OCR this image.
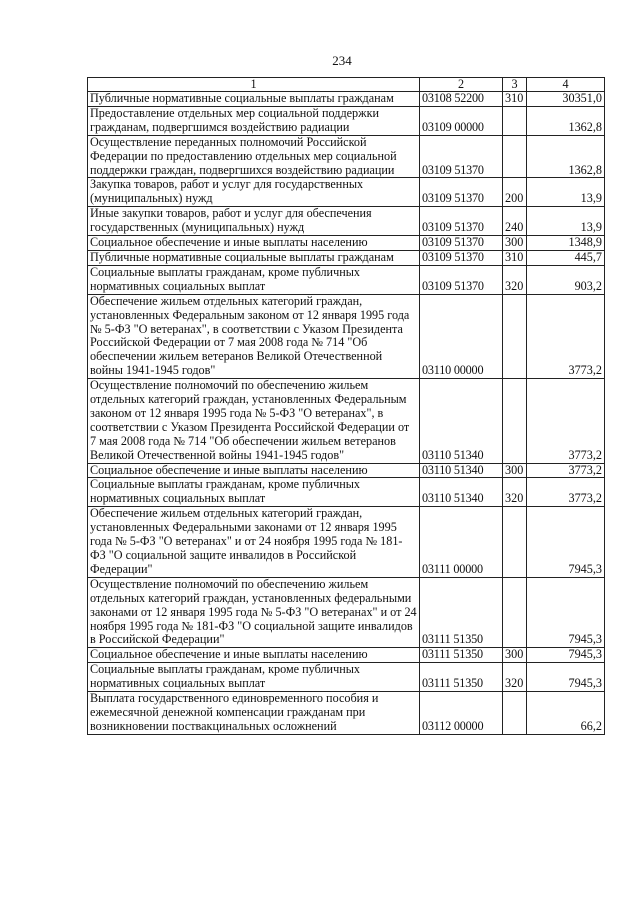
234
1	2	3	4
Публичные нормативные социальные выплаты гражданам	03108 52200	310	30351,0
Предоставление отдельных мер социальной поддержки гражданам, подвергшимся воздействию радиации	03109 00000		1362,8
Осуществление переданных полномочий Российской Федерации по предоставлению отдельных мер социальной поддержки граждан, подвергшихся воздействию радиации	03109 51370		1362,8
Закупка товаров, работ и услуг для государственных (муниципальных) нужд	03109 51370	200	13,9
Иные закупки товаров, работ и услуг для обеспечения государственных (муниципальных) нужд	03109 51370	240	13,9
Социальное обеспечение и иные выплаты населению	03109 51370	300	1348,9
Публичные нормативные социальные выплаты гражданам	03109 51370	310	445,7
Социальные выплаты гражданам, кроме публичных нормативных социальных выплат	03109 51370	320	903,2
Обеспечение жильем отдельных категорий граждан, установленных Федеральным законом от 12 января 1995 года № 5-ФЗ "О ветеранах", в соответствии с Указом Президента Российской Федерации от 7 мая 2008 года № 714 "Об обеспечении жильем ветеранов Великой Отечественной войны 1941-1945 годов"	03110 00000		3773,2
Осуществление полномочий по обеспечению жильем отдельных категорий граждан, установленных Федеральным законом от 12 января 1995 года № 5-ФЗ "О ветеранах", в соответствии с Указом Президента Российской Федерации от 7 мая 2008 года № 714 "Об обеспечении жильем ветеранов Великой Отечественной войны 1941-1945 годов"	03110 51340		3773,2
Социальное обеспечение и иные выплаты населению	03110 51340	300	3773,2
Социальные выплаты гражданам, кроме публичных нормативных социальных выплат	03110 51340	320	3773,2
Обеспечение жильем отдельных категорий граждан, установленных Федеральными законами от 12 января 1995 года № 5-ФЗ "О ветеранах" и от 24 ноября 1995 года № 181-ФЗ "О социальной защите инвалидов в Российской Федерации"	03111 00000		7945,3
Осуществление полномочий по обеспечению жильем отдельных категорий граждан, установленных федеральными законами от 12 января 1995 года № 5-ФЗ "О ветеранах" и от 24 ноября 1995 года № 181-ФЗ "О социальной защите инвалидов в Российской Федерации"	03111 51350		7945,3
Социальное обеспечение и иные выплаты населению	03111 51350	300	7945,3
Социальные выплаты гражданам, кроме публичных нормативных социальных выплат	03111 51350	320	7945,3
Выплата государственного единовременного пособия и ежемесячной денежной компенсации гражданам при возникновении поствакцинальных осложнений	03112 00000		66,2
